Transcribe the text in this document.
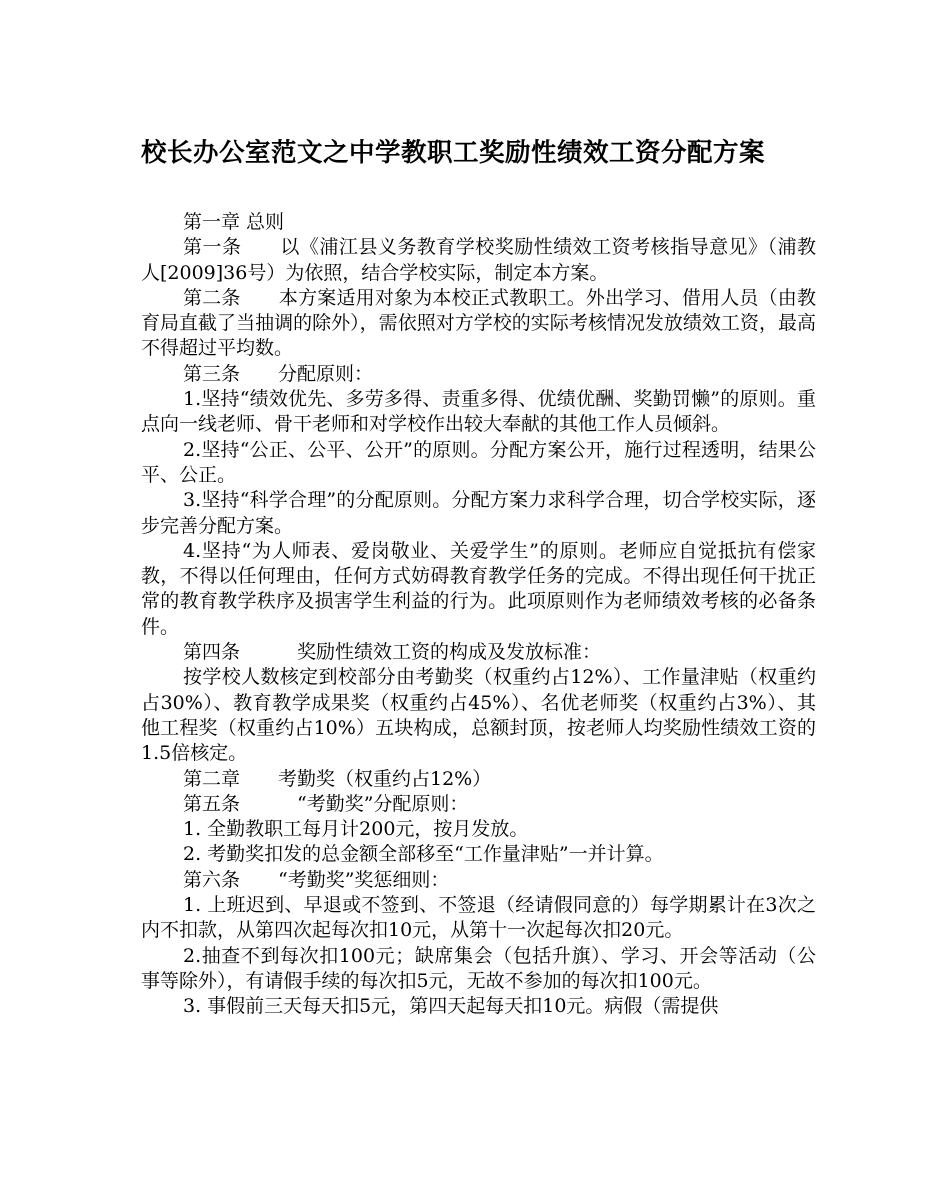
校长办公室范文之中学教职工奖励性绩效工资分配方案

第一章 总则

第一条　　以《浦江县义务教育学校奖励性绩效工资考核指导意见》（浦教人[2009]36号）为依照，结合学校实际，制定本方案。

第二条　　本方案适用对象为本校正式教职工。外出学习、借用人员（由教育局直截了当抽调的除外），需依照对方学校的实际考核情况发放绩效工资，最高不得超过平均数。

第三条　　分配原则：

1.坚持“绩效优先、多劳多得、责重多得、优绩优酬、奖勤罚懒”的原则。重点向一线老师、骨干老师和对学校作出较大奉献的其他工作人员倾斜。

2.坚持“公正、公平、公开”的原则。分配方案公开，施行过程透明，结果公平、公正。

3.坚持“科学合理”的分配原则。分配方案力求科学合理，切合学校实际，逐步完善分配方案。

4.坚持“为人师表、爱岗敬业、关爱学生”的原则。老师应自觉抵抗有偿家教，不得以任何理由，任何方式妨碍教育教学任务的完成。不得出现任何干扰正常的教育教学秩序及损害学生利益的行为。此项原则作为老师绩效考核的必备条件。

第四条　　　奖励性绩效工资的构成及发放标准：

按学校人数核定到校部分由考勤奖（权重约占12%）、工作量津贴（权重约占30%）、教育教学成果奖（权重约占45%）、名优老师奖（权重约占3%）、其他工程奖（权重约占10%）五块构成，总额封顶，按老师人均奖励性绩效工资的1.5倍核定。

第二章　　考勤奖（权重约占12%）

第五条　　　“考勤奖”分配原则：

1. 全勤教职工每月计200元，按月发放。

2. 考勤奖扣发的总金额全部移至“工作量津贴”一并计算。

第六条　　“考勤奖”奖惩细则：

1. 上班迟到、早退或不签到、不签退（经请假同意的）每学期累计在3次之内不扣款，从第四次起每次扣10元，从第十一次起每次扣20元。

2.抽查不到每次扣100元；缺席集会（包括升旗）、学习、开会等活动（公事等除外），有请假手续的每次扣5元，无故不参加的每次扣100元。

3. 事假前三天每天扣5元，第四天起每天扣10元。病假（需提供
